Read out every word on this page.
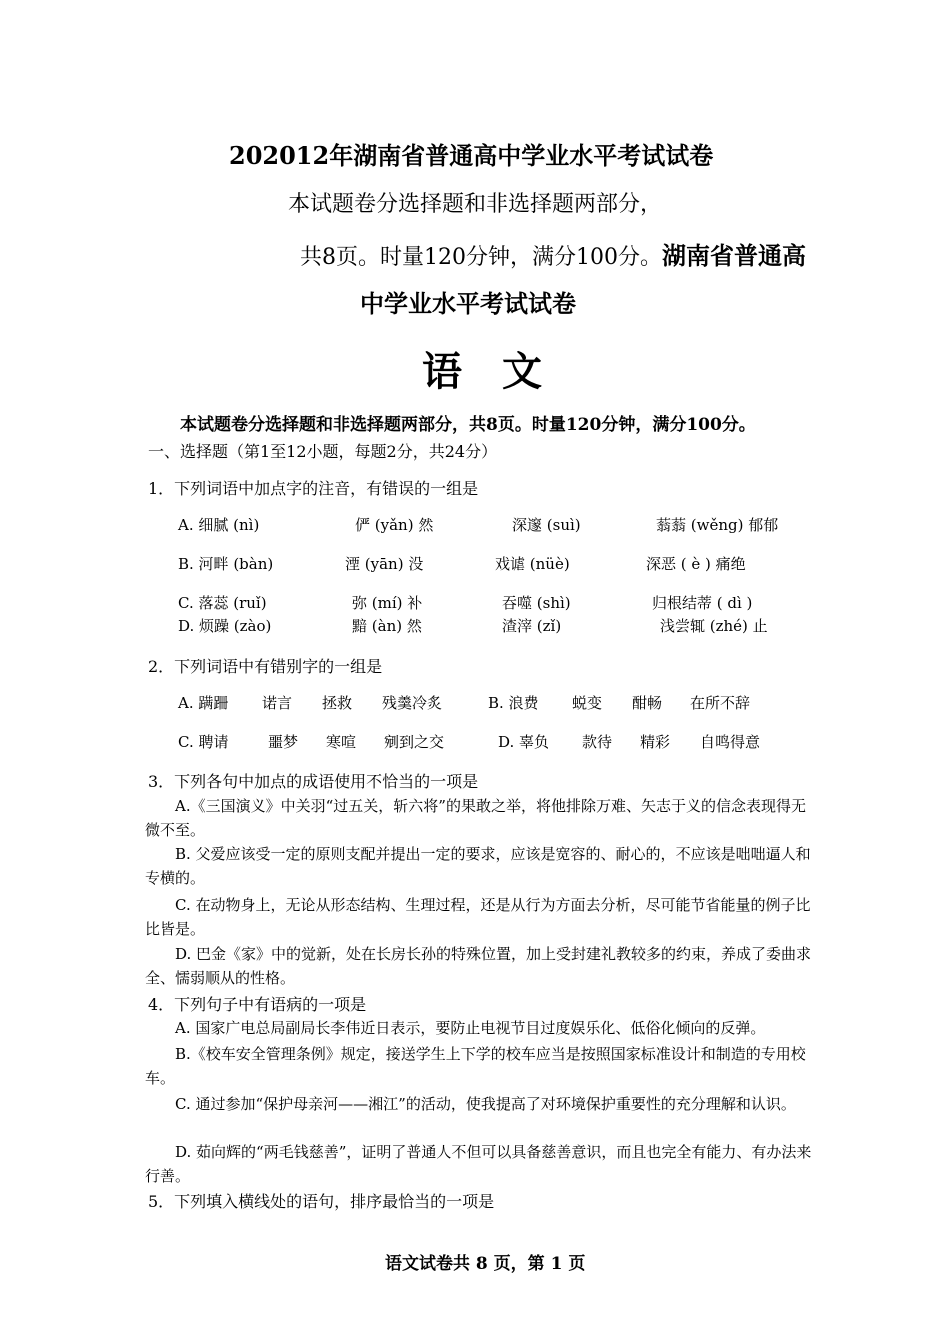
202012年湖南省普通高中学业水平考试试卷
本试题卷分选择题和非选择题两部分，
共8页。时量120分钟，满分100分。湖南省普通高
中学业水平考试试卷
语文
本试题卷分选择题和非选择题两部分，共8页。时量120分钟，满分100分。
一、选择题（第1至12小题，每题2分，共24分）
1．下列词语中加点字的注音，有错误的一组是
A. 细腻 (nì)	俨 (yǎn) 然	深邃 (suì)	蓊蓊 (wěng) 郁郁
B. 河畔 (bàn)	湮 (yān) 没	戏谑 (nüè)	深恶 ( è ) 痛绝
C. 落蕊 (ruǐ)	弥 (mí) 补	吞噬 (shì)	归根结蒂 ( dì )
D. 烦躁 (zào)	黯 (àn) 然	渣滓 (zǐ)	浅尝辄 (zhé) 止
2．下列词语中有错别字的一组是
A. 蹒跚 诺言 拯救 残羹冷炙	B. 浪费 蜕变 酣畅 在所不辞
C. 聘请	噩梦 寒喧 剜到之交	D. 辜负 款待 精彩 自鸣得意
3．下列各句中加点的成语使用不恰当的一项是
A.《三国演义》中关羽“过五关，斩六将”的果敢之举，将他排除万难、矢志于义的信念表现得无微不至。
B. 父爱应该受一定的原则支配并提出一定的要求，应该是宽容的、耐心的，不应该是咄咄逼人和专横的。
C. 在动物身上，无论从形态结构、生理过程，还是从行为方面去分析，尽可能节省能量的例子比比皆是。
D. 巴金《家》中的觉新，处在长房长孙的特殊位置，加上受封建礼教较多的约束，养成了委曲求全、懦弱顺从的性格。
4．下列句子中有语病的一项是
A. 国家广电总局副局长李伟近日表示，要防止电视节目过度娱乐化、低俗化倾向的反弹。
B.《校车安全管理条例》规定，接送学生上下学的校车应当是按照国家标准设计和制造的专用校车。
C. 通过参加“保护母亲河——湘江”的活动，使我提高了对环境保护重要性的充分理解和认识。
D. 茹向辉的“两毛钱慈善”，证明了普通人不但可以具备慈善意识，而且也完全有能力、有办法来行善。
5．下列填入横线处的语句，排序最恰当的一项是
语文试卷共 8 页，第 1 页
